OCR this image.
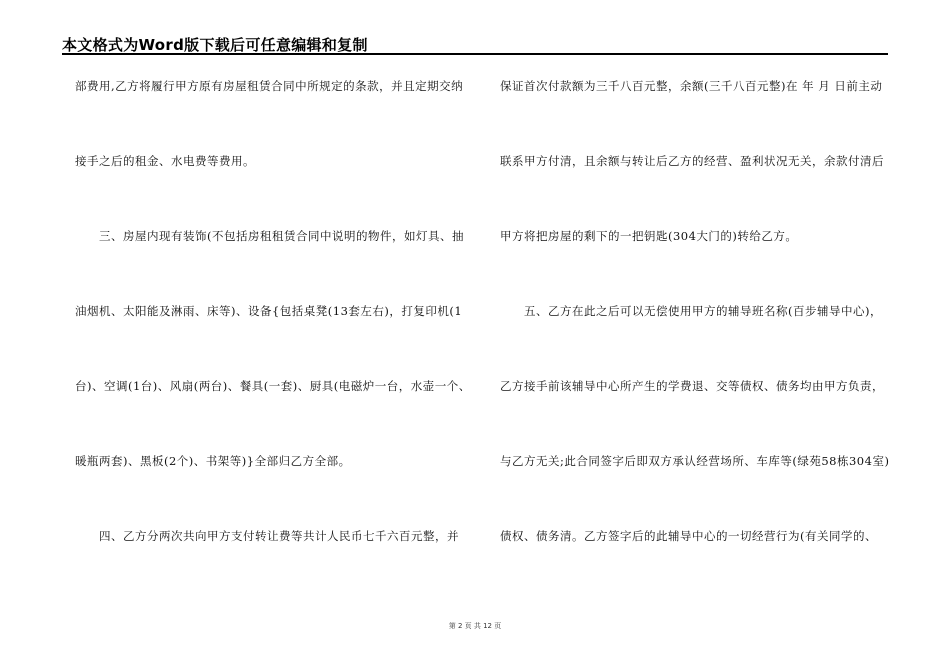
本文格式为Word版下载后可任意编辑和复制
部费用,乙方将履行甲方原有房屋租赁合同中所规定的条款，并且定期交纳
接手之后的租金、水电费等费用。
三、房屋内现有装饰(不包括房租租赁合同中说明的物件，如灯具、抽
油烟机、太阳能及淋雨、床等)、设备{包括桌凳(13套左右)，打复印机(1
台)、空调(1台)、风扇(两台)、餐具(一套)、厨具(电磁炉一台，水壶一个、
暖瓶两套)、黑板(2个)、书架等)}全部归乙方全部。
四、乙方分两次共向甲方支付转让费等共计人民币七千六百元整，并
保证首次付款额为三千八百元整，余额(三千八百元整)在 年 月 日前主动
联系甲方付清，且余额与转让后乙方的经营、盈利状况无关，余款付清后
甲方将把房屋的剩下的一把钥匙(304大门的)转给乙方。
五、乙方在此之后可以无偿使用甲方的辅导班名称(百步辅导中心)，
乙方接手前该辅导中心所产生的学费退、交等债权、债务均由甲方负责，
与乙方无关;此合同签字后即双方承认经营场所、车库等(绿苑58栋304室)
债权、债务清。乙方签字后的此辅导中心的一切经营行为(有关同学的、
第 2 页 共 12 页
